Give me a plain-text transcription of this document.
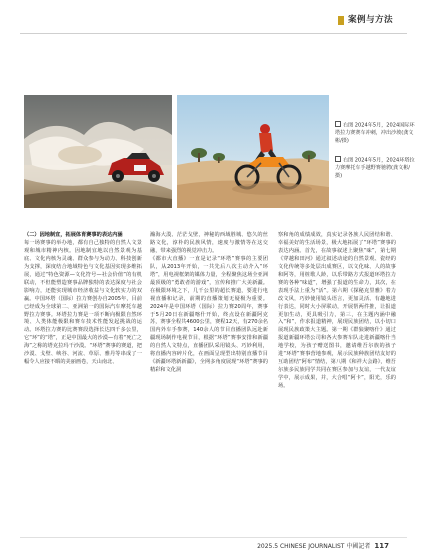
案例与方法
右图 2024年5月，2024国际环塔拉力赛赛车冲刺，冲出沙坡(龚文彬/摄)
右图 2024年5月，2024环塔拉力赛摩托车手越野赛驰骋(龚文彬/摄)

（二）因地制宜，拓展体育赛事的表达内涵

每一场赛事的举办地，都有自己独特的自然人文景观和城市精神内核。因地制宜地以自然景观为基底、文化内核为灵魂、群众参与为动力、科技创新为支撑，深度结合地域特色与文化基因实现多维拓展，通过“特色资源—文化符号—社会价值”的有机联动，不但能塑造赛事品牌独特的表达深度与社会影响力，还能实现城市经济收益与文化软实力的双赢。中国环塔（国际）拉力赛创办自2005年，目前已经成为全球第二、亚洲第一的国际汽车摩托车越野拉力赛事。环塔拉力赛是一项不断向极限自然环境、人类体能极限和赛车技术性能发起挑战的运动。环塔拉力赛的比赛赛段选择长达四千多公里，它“环”的“塔”，正是中国最大的沙漠—有着“死亡之海”之称的塔克拉玛干沙漠。“环塔”赛事的赛道，把沙漠、戈壁、峡谷、河流、草原、雅丹等串成了一幅令人应接不暇的美丽画卷，天山南北、

瀚海大漠、茫茫戈壁，神秘的西域胜城、悠久的丝路文化，淳朴的民族风情，速度与激情等在这交融，带来强烈的视觉冲击力。
《都市大直播》一直是记录“环塔”赛事的主要团队，从2013年开始，一共先后八次主动介入“环塔”，用电视框架的媒体力量，全程聚焦这场全亚洲最顶级的“勇敢者的游戏”，宣传和推广大美新疆。在极限环境之下，几千公里的超长赛道，要进行电视直播和记录，前期的直播策划无疑极为重要。2024年是中国环塔（国际）拉力赛20周年，赛事于5月20日在新疆喀什开始，终点设在新疆阿克苏，赛事全程共4600公里，赛程12天，有270余名国内外车手参赛，140余人的节目直播团队远赴新疆现场制作电视节目，根据“环塔”赛事安排和新疆的自然人文特点，直播团队采用镜头、巧妙利用，将直播内容碎片化，在画面呈现型出特别直播节目《新疆环塔新新疆》，全网多角度展现“环塔”赛事的精彩和文化洞

察和角的成绩成效，真实记录各族人民团结和谐、幸福美好的生活场景，极大地拓展了“环塔”赛事的表达内涵。首先，在故事叙述上聚焦“味”，第七期《穿越和田河》通过叙述动途的自然景观、瓷经的文化传统等多处层出成赛区，以文化味、人的故事和阿等，用桩歌人龄，以乐带路方式报道环塔拉力赛的各种“味道”，增强了报道的生命力，其次，在表现手法上重为“活”。第六期《探秘克里雅》着力改文风，巧妙使用镜头语言，更加灵活、有趣地进行表达，同时大小屏联动，开展帮两件推，让报道更加生动，更具吸引力，第三，在主题内涵中融入“和”，作求报道精神，展现民族团结，以小切口展现民族政策大主题。第一期《群狼聚喀什》通过报道新疆环塔公司和各大参赛车队走进新疆喀什当地学校，为孩子赠送图书，邀请维吾尔族的孩子进“环塔”赛事营地参观，展示民族种族团结友好的互助团结“阿布”情结，第八期《和祥大会路》，维吾尔族多民族同学共同在赛区参加与友谊，一代友谊学中，展示成果，并，大合唱“阿卡”，阳光，乐的场。

2025.5 CHINESE JOURNALIST 中國記者 117
